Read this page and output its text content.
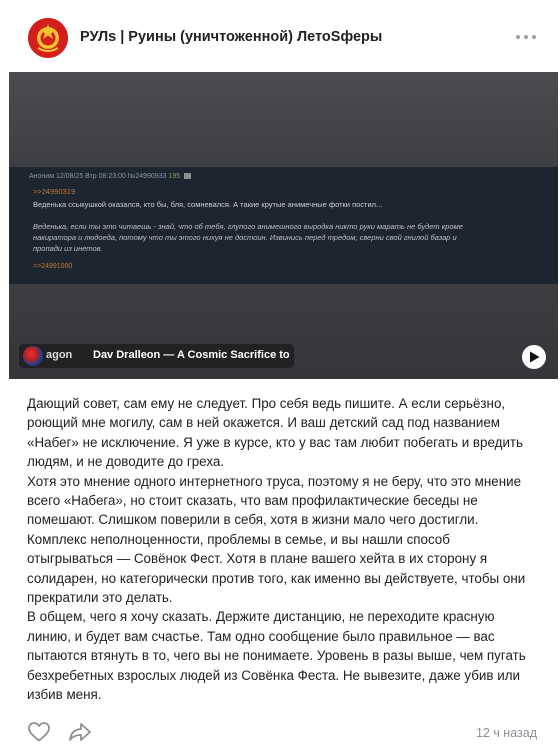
РУЛs | Руины (уничтоженной) ЛетоSферы
Аноним 12/08/25 Втр 08:23:00 №24990933 195
>>24990319
Веденька ссыкушкой оказался, кто бы, бля, сомневался. А такие крутые анимечные фотки постил...
Веденька, если ты это читаешь - знай, что об тебя, глупого анимешного выродка никто руки марать не будет кроме
накиратора и людоеда, потому что ты этого нихуя не достоин. Извинись перед тредом, сверни свой гнилой базар и
пропади из инетов.
>>24991000
agon Dav Dralleon — A Cosmic Sacrifice to

Дающий совет, сам ему не следует. Про себя ведь пишите. А если серьёзно, роющий мне могилу, сам в ней окажется. И ваш детский сад под названием «Набег» не исключение. Я уже в курсе, кто у вас там любит побегать и вредить людям, и не доводите до греха.

Хотя это мнение одного интернетного труса, поэтому я не беру, что это мнение всего «Набега», но стоит сказать, что вам профилактические беседы не помешают. Слишком поверили в себя, хотя в жизни мало чего достигли. Комплекс неполноценности, проблемы в семье, и вы нашли способ отыгрываться — Совёнок Фест. Хотя в плане вашего хейта в их сторону я солидарен, но категорически против того, как именно вы действуете, чтобы они прекратили это делать.

В общем, чего я хочу сказать. Держите дистанцию, не переходите красную линию, и будет вам счастье. Там одно сообщение было правильное — вас пытаются втянуть в то, чего вы не понимаете. Уровень в разы выше, чем пугать безхребетных взрослых людей из Совёнка Феста. Не вывезите, даже убив или избив меня.

12 ч назад
